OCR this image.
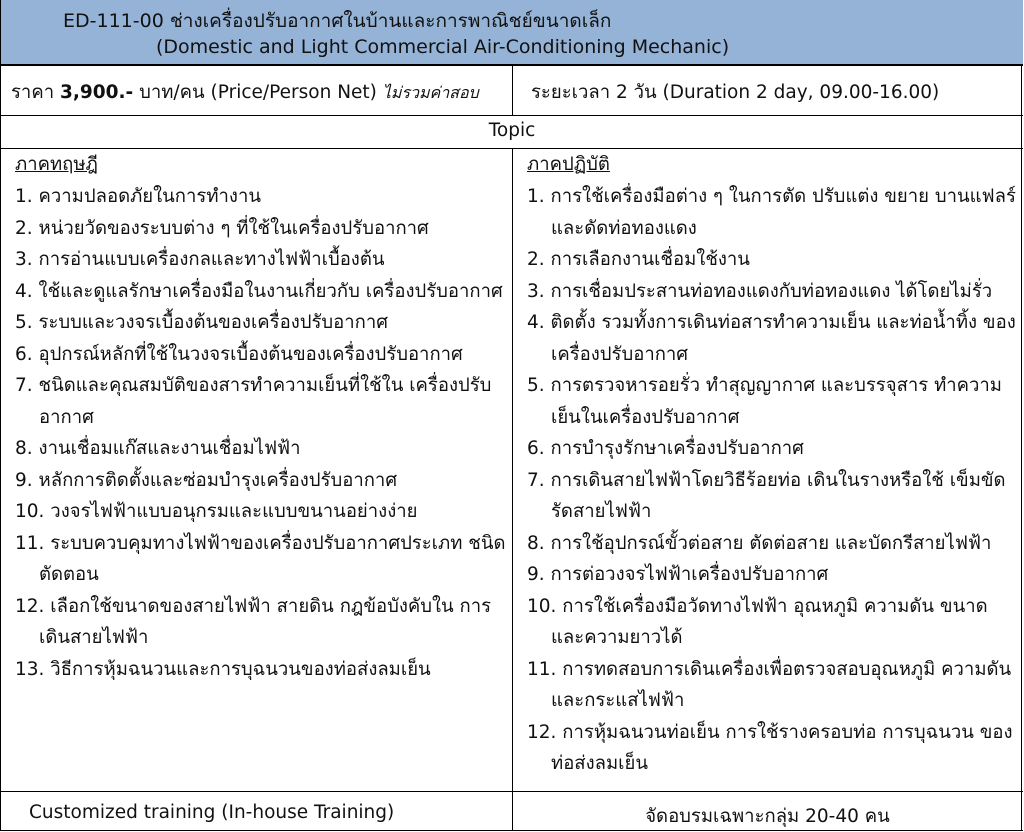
ED-111-00 ช่างเครื่องปรับอากาศในบ้านและการพาณิชย์ขนาดเล็ก
(Domestic and Light Commercial Air-Conditioning Mechanic)
ราคา 3,900.- บาท/คน (Price/Person Net) ไม่รวมค่าสอบ	ระยะเวลา 2 วัน (Duration 2 day, 09.00-16.00)
Topic
ภาคทฤษฎี
1. ความปลอดภัยในการทำงาน
2. หน่วยวัดของระบบต่าง ๆ ที่ใช้ในเครื่องปรับอากาศ
3. การอ่านแบบเครื่องกลและทางไฟฟ้าเบื้องต้น
4. ใช้และดูแลรักษาเครื่องมือในงานเกี่ยวกับ เครื่องปรับอากาศ
5. ระบบและวงจรเบื้องต้นของเครื่องปรับอากาศ
6. อุปกรณ์หลักที่ใช้ในวงจรเบื้องต้นของเครื่องปรับอากาศ
7. ชนิดและคุณสมบัติของสารทำความเย็นที่ใช้ใน เครื่องปรับอากาศ
8. งานเชื่อมแก๊สและงานเชื่อมไฟฟ้า
9. หลักการติดตั้งและซ่อมบำรุงเครื่องปรับอากาศ
10. วงจรไฟฟ้าแบบอนุกรมและแบบขนานอย่างง่าย
11. ระบบควบคุมทางไฟฟ้าของเครื่องปรับอากาศประเภท ชนิดตัดตอน
12. เลือกใช้ขนาดของสายไฟฟ้า สายดิน กฎข้อบังคับใน การเดินสายไฟฟ้า
13. วิธีการหุ้มฉนวนและการบุฉนวนของท่อส่งลมเย็น
ภาคปฏิบัติ
1. การใช้เครื่องมือต่าง ๆ ในการตัด ปรับแต่ง ขยาย บานแฟลร์และดัดท่อทองแดง
2. การเลือกงานเชื่อมใช้งาน
3. การเชื่อมประสานท่อทองแดงกับท่อทองแดง ได้โดยไม่รั่ว
4. ติดตั้ง รวมทั้งการเดินท่อสารทำความเย็น และท่อน้ำทิ้ง ของเครื่องปรับอากาศ
5. การตรวจหารอยรั่ว ทำสุญญากาศ และบรรจุสาร ทำความเย็นในเครื่องปรับอากาศ
6. การบำรุงรักษาเครื่องปรับอากาศ
7. การเดินสายไฟฟ้าโดยวิธีร้อยท่อ เดินในรางหรือใช้ เข็มขัดรัดสายไฟฟ้า
8. การใช้อุปกรณ์ขั้วต่อสาย ตัดต่อสาย และบัดกรีสายไฟฟ้า
9. การต่อวงจรไฟฟ้าเครื่องปรับอากาศ
10. การใช้เครื่องมือวัดทางไฟฟ้า อุณหภูมิ ความดัน ขนาด และความยาวได้
11. การทดสอบการเดินเครื่องเพื่อตรวจสอบอุณหภูมิ ความดันและกระแสไฟฟ้า
12. การหุ้มฉนวนท่อเย็น การใช้รางครอบท่อ การบุฉนวน ของท่อส่งลมเย็น
Customized training (In-house Training)	จัดอบรมเฉพาะกลุ่ม 20-40 คน
